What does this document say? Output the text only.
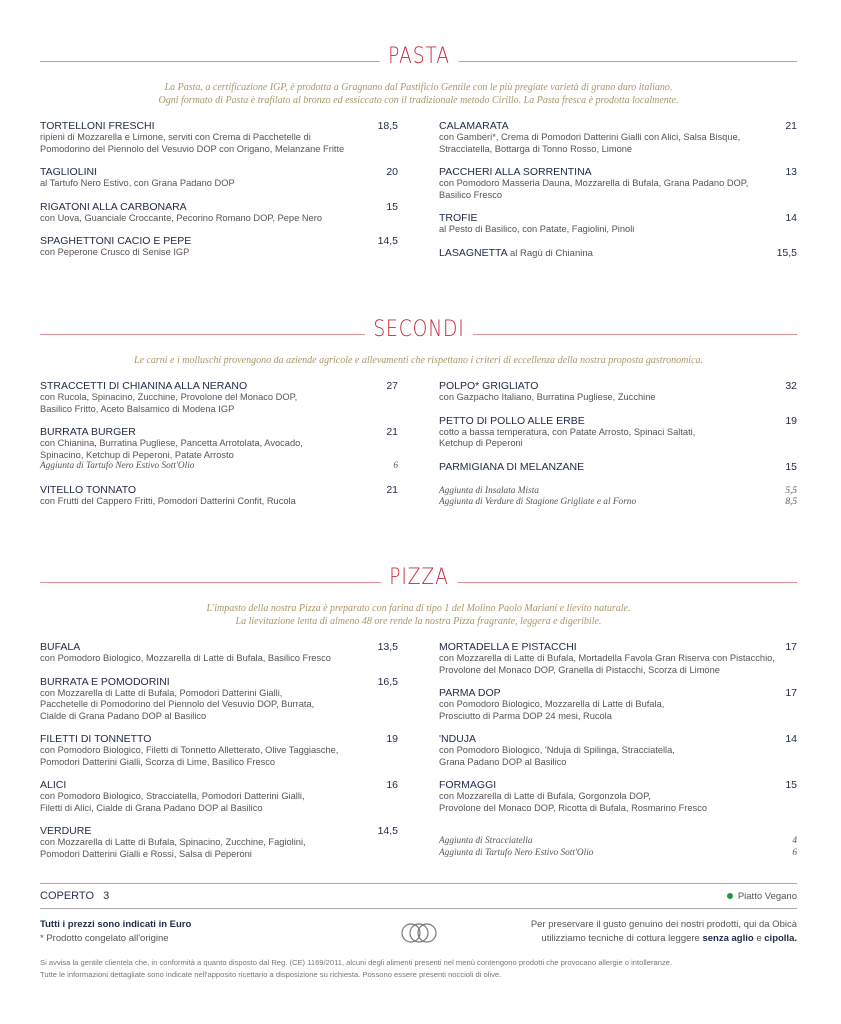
PASTA
La Pasta, a certificazione IGP, è prodotta a Gragnano dal Pastificio Gentile con le più pregiate varietà di grano duro italiano.
Ogni formato di Pasta è trafilato al bronzo ed essiccato con il tradizionale metodo Cirillo. La Pasta fresca è prodotta localmente.
TORTELLONI FRESCHI	18,5
ripieni di Mozzarella e Limone, serviti con Crema di Pacchetelle di
Pomodorino del Piennolo del Vesuvio DOP con Origano, Melanzane Fritte
TAGLIOLINI	20
al Tartufo Nero Estivo, con Grana Padano DOP
RIGATONI ALLA CARBONARA	15
con Uova, Guanciale Croccante, Pecorino Romano DOP, Pepe Nero
SPAGHETTONI CACIO E PEPE	14,5
con Peperone Crusco di Senise IGP
CALAMARATA	21
con Gamberi*, Crema di Pomodori Datterini Gialli con Alici, Salsa Bisque,
Stracciatella, Bottarga di Tonno Rosso, Limone
PACCHERI ALLA SORRENTINA	13
con Pomodoro Masseria Dauna, Mozzarella di Bufala, Grana Padano DOP,
Basilico Fresco
TROFIE	14
al Pesto di Basilico, con Patate, Fagiolini, Pinoli
LASAGNETTA al Ragù di Chianina	15,5
SECONDI
Le carni e i molluschi provengono da aziende agricole e allevamenti che rispettano i criteri di eccellenza della nostra proposta gastronomica.
STRACCETTI DI CHIANINA ALLA NERANO	27
con Rucola, Spinacino, Zucchine, Provolone del Monaco DOP,
Basilico Fritto, Aceto Balsamico di Modena IGP
BURRATA BURGER	21
con Chianina, Burratina Pugliese, Pancetta Arrotolata, Avocado,
Spinacino, Ketchup di Peperoni, Patate Arrosto
Aggiunta di Tartufo Nero Estivo Sott'Olio	6
VITELLO TONNATO	21
con Frutti del Cappero Fritti, Pomodori Datterini Confit, Rucola
POLPO* GRIGLIATO	32
con Gazpacho Italiano, Burratina Pugliese, Zucchine
PETTO DI POLLO ALLE ERBE	19
cotto a bassa temperatura, con Patate Arrosto, Spinaci Saltati,
Ketchup di Peperoni
PARMIGIANA DI MELANZANE	15
Aggiunta di Insalata Mista	5,5
Aggiunta di Verdure di Stagione Grigliate e al Forno	8,5
PIZZA
L'impasto della nostra Pizza è preparato con farina di tipo 1 del Molino Paolo Mariani e lievito naturale.
La lievitazione lenta di almeno 48 ore rende la nostra Pizza fragrante, leggera e digeribile.
BUFALA	13,5
con Pomodoro Biologico, Mozzarella di Latte di Bufala, Basilico Fresco
BURRATA E POMODORINI	16,5
con Mozzarella di Latte di Bufala, Pomodori Datterini Gialli,
Pacchetelle di Pomodorino del Piennolo del Vesuvio DOP, Burrata,
Cialde di Grana Padano DOP al Basilico
FILETTI DI TONNETTO	19
con Pomodoro Biologico, Filetti di Tonnetto Alletterato, Olive Taggiasche,
Pomodori Datterini Gialli, Scorza di Lime, Basilico Fresco
ALICI	16
con Pomodoro Biologico, Stracciatella, Pomodori Datterini Gialli,
Filetti di Alici, Cialde di Grana Padano DOP al Basilico
VERDURE	14,5
con Mozzarella di Latte di Bufala, Spinacino, Zucchine, Fagiolini,
Pomodori Datterini Gialli e Rossi, Salsa di Peperoni
MORTADELLA E PISTACCHI	17
con Mozzarella di Latte di Bufala, Mortadella Favola Gran Riserva con Pistacchio,
Provolone del Monaco DOP, Granella di Pistacchi, Scorza di Limone
PARMA DOP	17
con Pomodoro Biologico, Mozzarella di Latte di Bufala,
Prosciutto di Parma DOP 24 mesi, Rucola
'NDUJA	14
con Pomodoro Biologico, 'Nduja di Spilinga, Stracciatella,
Grana Padano DOP al Basilico
FORMAGGI	15
con Mozzarella di Latte di Bufala, Gorgonzola DOP,
Provolone del Monaco DOP, Ricotta di Bufala, Rosmarino Fresco
Aggiunta di Stracciatella	4
Aggiunta di Tartufo Nero Estivo Sott'Olio	6
COPERTO 3	Piatto Vegano
Tutti i prezzi sono indicati in Euro
* Prodotto congelato all'origine
Per preservare il gusto genuino dei nostri prodotti, qui da Obicà
utilizziamo tecniche di cottura leggere senza aglio e cipolla.
Si avvisa la gentile clientela che, in conformità a quanto disposto dal Reg. (CE) 1169/2011, alcuni degli alimenti presenti nel menù contengono prodotti che provocano allergie o intolleranze.
Tutte le informazioni dettagliate sono indicate nell'apposito ricettario a disposizione su richiesta. Possono essere presenti noccioli di olive.
